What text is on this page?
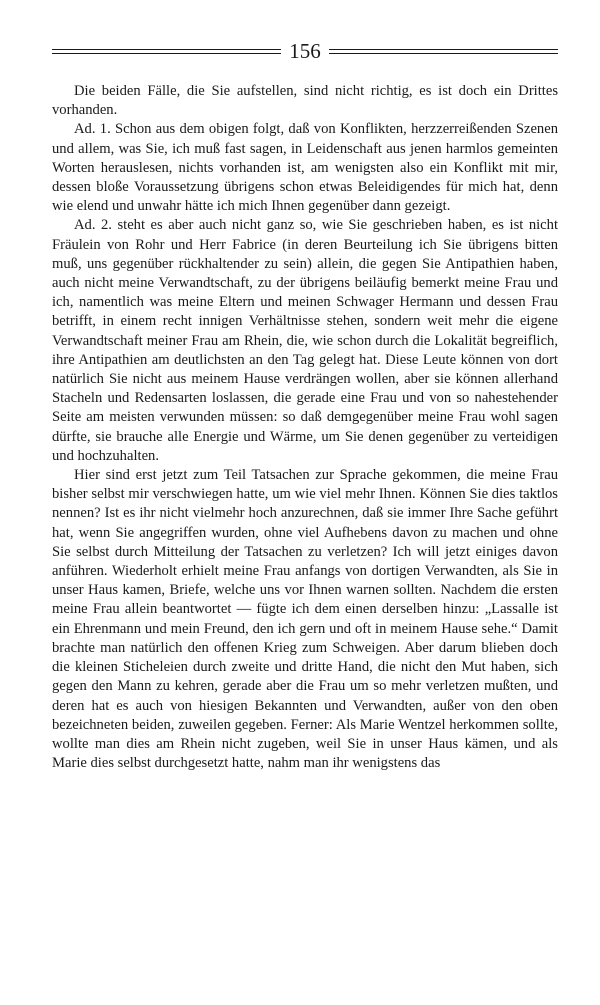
156

Die beiden Fälle, die Sie aufstellen, sind nicht richtig, es ist doch ein Drittes vorhanden.

Ad. 1. Schon aus dem obigen folgt, daß von Konflikten, herzzerreißenden Szenen und allem, was Sie, ich muß fast sagen, in Leidenschaft aus jenen harmlos gemeinten Worten herauslesen, nichts vorhanden ist, am wenigsten also ein Konflikt mit mir, dessen bloße Voraussetzung übrigens schon etwas Beleidigendes für mich hat, denn wie elend und unwahr hätte ich mich Ihnen gegenüber dann gezeigt.

Ad. 2. steht es aber auch nicht ganz so, wie Sie geschrieben haben, es ist nicht Fräulein von Rohr und Herr Fabrice (in deren Beurteilung ich Sie übrigens bitten muß, uns gegenüber rückhaltender zu sein) allein, die gegen Sie Antipathien haben, auch nicht meine Verwandtschaft, zu der übrigens beiläufig bemerkt meine Frau und ich, namentlich was meine Eltern und meinen Schwager Hermann und dessen Frau betrifft, in einem recht innigen Verhältnisse stehen, sondern weit mehr die eigene Verwandtschaft meiner Frau am Rhein, die, wie schon durch die Lokalität begreiflich, ihre Antipathien am deutlichsten an den Tag gelegt hat. Diese Leute können von dort natürlich Sie nicht aus meinem Hause verdrängen wollen, aber sie können allerhand Stacheln und Redensarten loslassen, die gerade eine Frau und von so nahestehender Seite am meisten verwunden müssen: so daß demgegenüber meine Frau wohl sagen dürfte, sie brauche alle Energie und Wärme, um Sie denen gegenüber zu verteidigen und hochzuhalten.

Hier sind erst jetzt zum Teil Tatsachen zur Sprache gekommen, die meine Frau bisher selbst mir verschwiegen hatte, um wie viel mehr Ihnen. Können Sie dies taktlos nennen? Ist es ihr nicht vielmehr hoch anzurechnen, daß sie immer Ihre Sache geführt hat, wenn Sie angegriffen wurden, ohne viel Aufhebens davon zu machen und ohne Sie selbst durch Mitteilung der Tatsachen zu verletzen? Ich will jetzt einiges davon anführen. Wiederholt erhielt meine Frau anfangs von dortigen Verwandten, als Sie in unser Haus kamen, Briefe, welche uns vor Ihnen warnen sollten. Nachdem die ersten meine Frau allein beantwortet — fügte ich dem einen derselben hinzu: „Lassalle ist ein Ehrenmann und mein Freund, den ich gern und oft in meinem Hause sehe.“ Damit brachte man natürlich den offenen Krieg zum Schweigen. Aber darum blieben doch die kleinen Sticheleien durch zweite und dritte Hand, die nicht den Mut haben, sich gegen den Mann zu kehren, gerade aber die Frau um so mehr verletzen mußten, und deren hat es auch von hiesigen Bekannten und Verwandten, außer von den oben bezeichneten beiden, zuweilen gegeben. Ferner: Als Marie Wentzel herkommen sollte, wollte man dies am Rhein nicht zugeben, weil Sie in unser Haus kämen, und als Marie dies selbst durchgesetzt hatte, nahm man ihr wenigstens das
